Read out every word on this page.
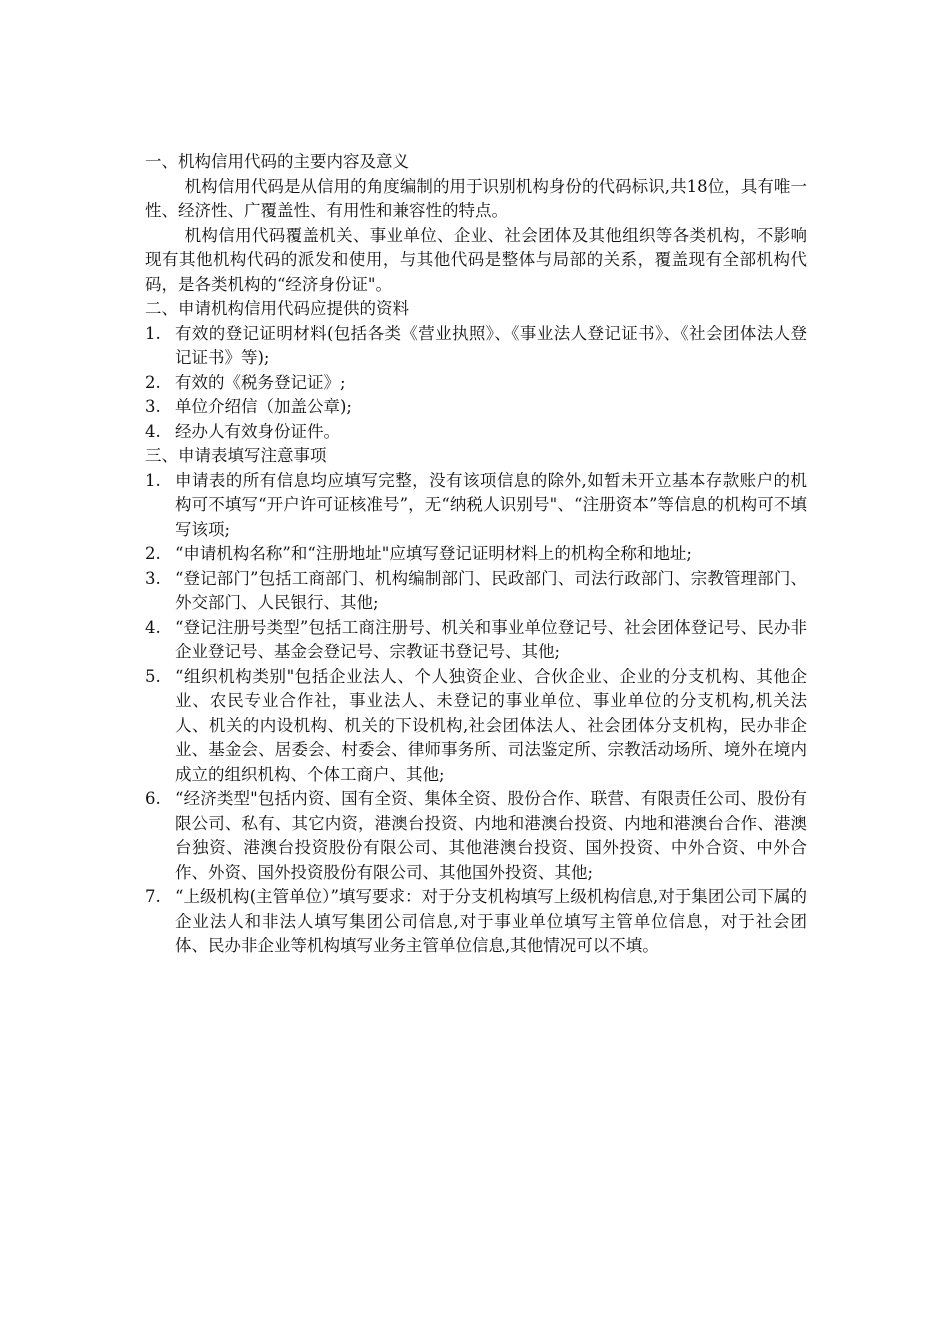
一、机构信用代码的主要内容及意义

机构信用代码是从信用的角度编制的用于识别机构身份的代码标识,共18位，具有唯一性、经济性、广覆盖性、有用性和兼容性的特点。

机构信用代码覆盖机关、事业单位、企业、社会团体及其他组织等各类机构，不影响现有其他机构代码的派发和使用，与其他代码是整体与局部的关系，覆盖现有全部机构代码，是各类机构的“经济身份证"。

二、申请机构信用代码应提供的资料

1. 有效的登记证明材料(包括各类《营业执照》、《事业法人登记证书》、《社会团体法人登记证书》等);
2. 有效的《税务登记证》;
3. 单位介绍信（加盖公章);
4. 经办人有效身份证件。

三、申请表填写注意事项

1. 申请表的所有信息均应填写完整，没有该项信息的除外,如暂未开立基本存款账户的机构可不填写“开户许可证核准号”，无“纳税人识别号"、“注册资本”等信息的机构可不填写该项;
2. “申请机构名称”和“注册地址"应填写登记证明材料上的机构全称和地址;
3. “登记部门”包括工商部门、机构编制部门、民政部门、司法行政部门、宗教管理部门、外交部门、人民银行、其他;
4. “登记注册号类型”包括工商注册号、机关和事业单位登记号、社会团体登记号、民办非企业登记号、基金会登记号、宗教证书登记号、其他;
5. “组织机构类别"包括企业法人、个人独资企业、合伙企业、企业的分支机构、其他企业、农民专业合作社，事业法人、未登记的事业单位、事业单位的分支机构,机关法人、机关的内设机构、机关的下设机构,社会团体法人、社会团体分支机构，民办非企业、基金会、居委会、村委会、律师事务所、司法鉴定所、宗教活动场所、境外在境内成立的组织机构、个体工商户、其他;
6. “经济类型"包括内资、国有全资、集体全资、股份合作、联营、有限责任公司、股份有限公司、私有、其它内资，港澳台投资、内地和港澳台投资、内地和港澳台合作、港澳台独资、港澳台投资股份有限公司、其他港澳台投资、国外投资、中外合资、中外合作、外资、国外投资股份有限公司、其他国外投资、其他;
7. “上级机构(主管单位）”填写要求：对于分支机构填写上级机构信息,对于集团公司下属的企业法人和非法人填写集团公司信息,对于事业单位填写主管单位信息，对于社会团体、民办非企业等机构填写业务主管单位信息,其他情况可以不填。
